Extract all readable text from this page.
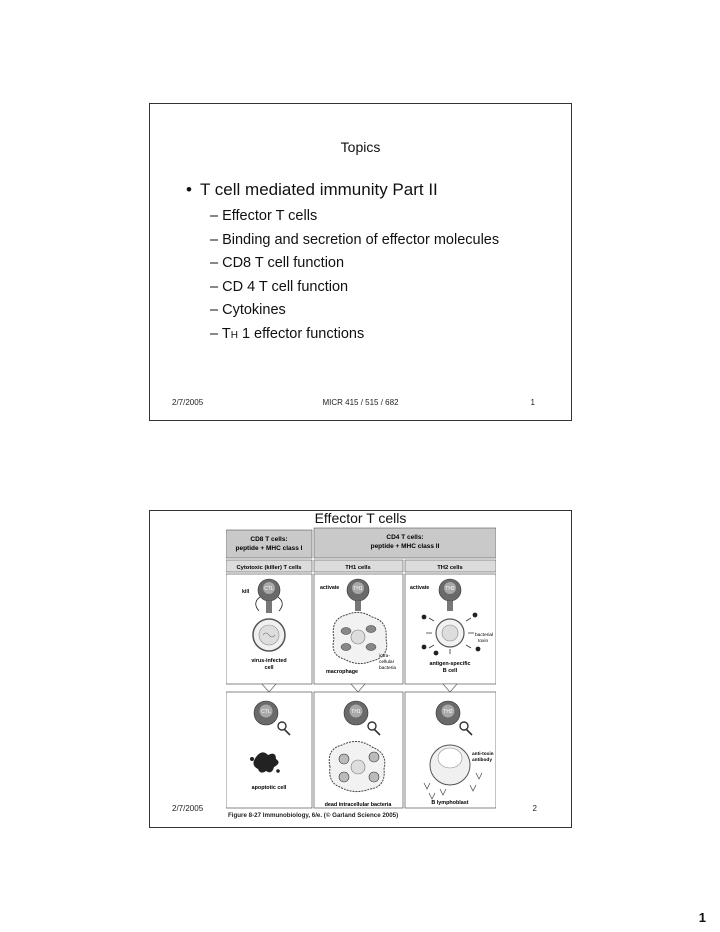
Topics
• T cell mediated immunity Part II
– Effector T cells
– Binding and secretion of effector molecules
– CD8 T cell function
– CD 4 T cell function
– Cytokines
– TH 1 effector functions
2/7/2005	MICR 415 / 515 / 682	1
Effector T cells
CD8 T cells:
peptide + MHC class I
CD4 T cells:
peptide + MHC class II
Cytotoxic (killer) T cells	TH1 cells	TH2 cells
CTL
kill
virus-infected
cell
TH1
activate
intra-
cellular
bacteria
macrophage
TH2
activate
bacterial
toxin
antigen-specific
B cell
CTL
apoptotic cell
TH1
dead intracellular bacteria
TH2
anti-toxin
antibody
B lymphoblast
Figure 8-27 Immunobiology, 6/e. (© Garland Science 2005)
2/7/2005	2
1
